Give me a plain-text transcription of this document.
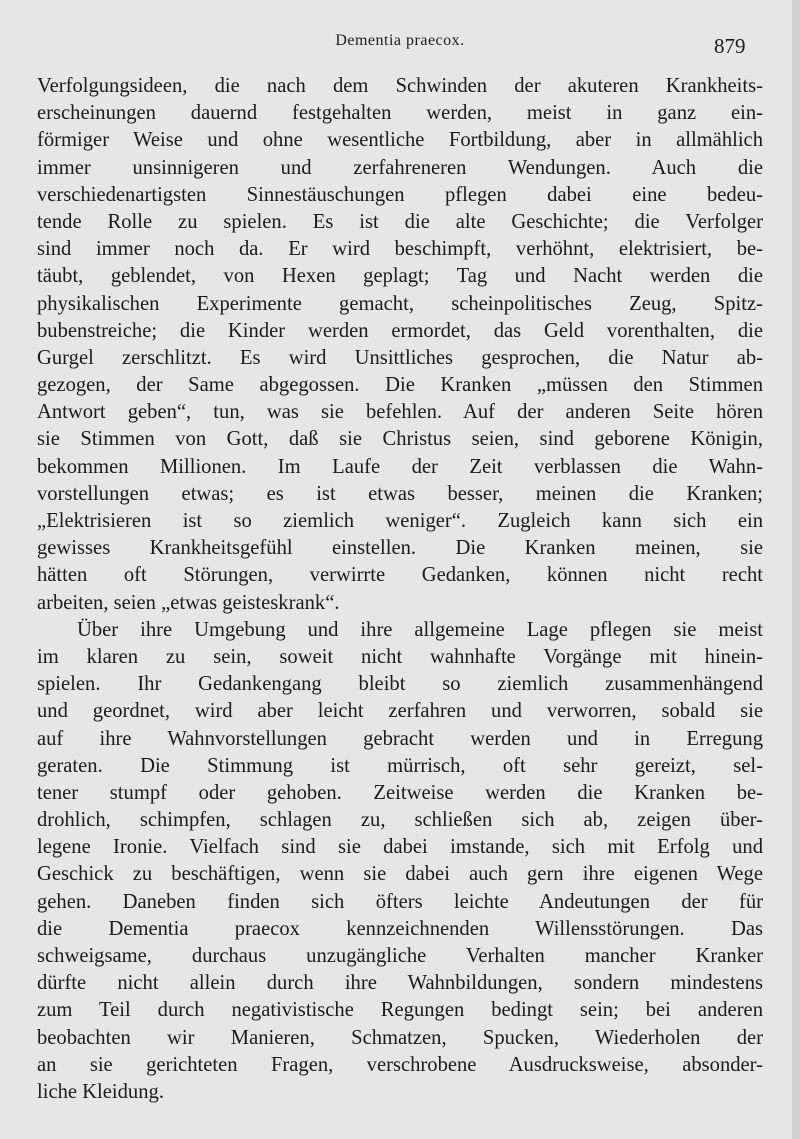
Dementia praecox.	879
Verfolgungsideen, die nach dem Schwinden der akuteren Krankheits-
erscheinungen dauernd festgehalten werden, meist in ganz ein-
förmiger Weise und ohne wesentliche Fortbildung, aber in allmählich
immer unsinnigeren und zerfahreneren Wendungen. Auch die
verschiedenartigsten Sinnestäuschungen pflegen dabei eine bedeu-
tende Rolle zu spielen. Es ist die alte Geschichte; die Verfolger
sind immer noch da. Er wird beschimpft, verhöhnt, elektrisiert, be-
täubt, geblendet, von Hexen geplagt; Tag und Nacht werden die
physikalischen Experimente gemacht, scheinpolitisches Zeug, Spitz-
bubenstreiche; die Kinder werden ermordet, das Geld vorenthalten, die
Gurgel zerschlitzt. Es wird Unsittliches gesprochen, die Natur ab-
gezogen, der Same abgegossen. Die Kranken „müssen den Stimmen
Antwort geben“, tun, was sie befehlen. Auf der anderen Seite hören
sie Stimmen von Gott, daß sie Christus seien, sind geborene Königin,
bekommen Millionen. Im Laufe der Zeit verblassen die Wahn-
vorstellungen etwas; es ist etwas besser, meinen die Kranken;
„Elektrisieren ist so ziemlich weniger“. Zugleich kann sich ein
gewisses Krankheitsgefühl einstellen. Die Kranken meinen, sie
hätten oft Störungen, verwirrte Gedanken, können nicht recht
arbeiten, seien „etwas geisteskrank“.
Über ihre Umgebung und ihre allgemeine Lage pflegen sie meist
im klaren zu sein, soweit nicht wahnhafte Vorgänge mit hinein-
spielen. Ihr Gedankengang bleibt so ziemlich zusammenhängend
und geordnet, wird aber leicht zerfahren und verworren, sobald sie
auf ihre Wahnvorstellungen gebracht werden und in Erregung
geraten. Die Stimmung ist mürrisch, oft sehr gereizt, sel-
tener stumpf oder gehoben. Zeitweise werden die Kranken be-
drohlich, schimpfen, schlagen zu, schließen sich ab, zeigen über-
legene Ironie. Vielfach sind sie dabei imstande, sich mit Erfolg und
Geschick zu beschäftigen, wenn sie dabei auch gern ihre eigenen Wege
gehen. Daneben finden sich öfters leichte Andeutungen der für
die Dementia praecox kennzeichnenden Willensstörungen. Das
schweigsame, durchaus unzugängliche Verhalten mancher Kranker
dürfte nicht allein durch ihre Wahnbildungen, sondern mindestens
zum Teil durch negativistische Regungen bedingt sein; bei anderen
beobachten wir Manieren, Schmatzen, Spucken, Wiederholen der
an sie gerichteten Fragen, verschrobene Ausdrucksweise, absonder-
liche Kleidung.
